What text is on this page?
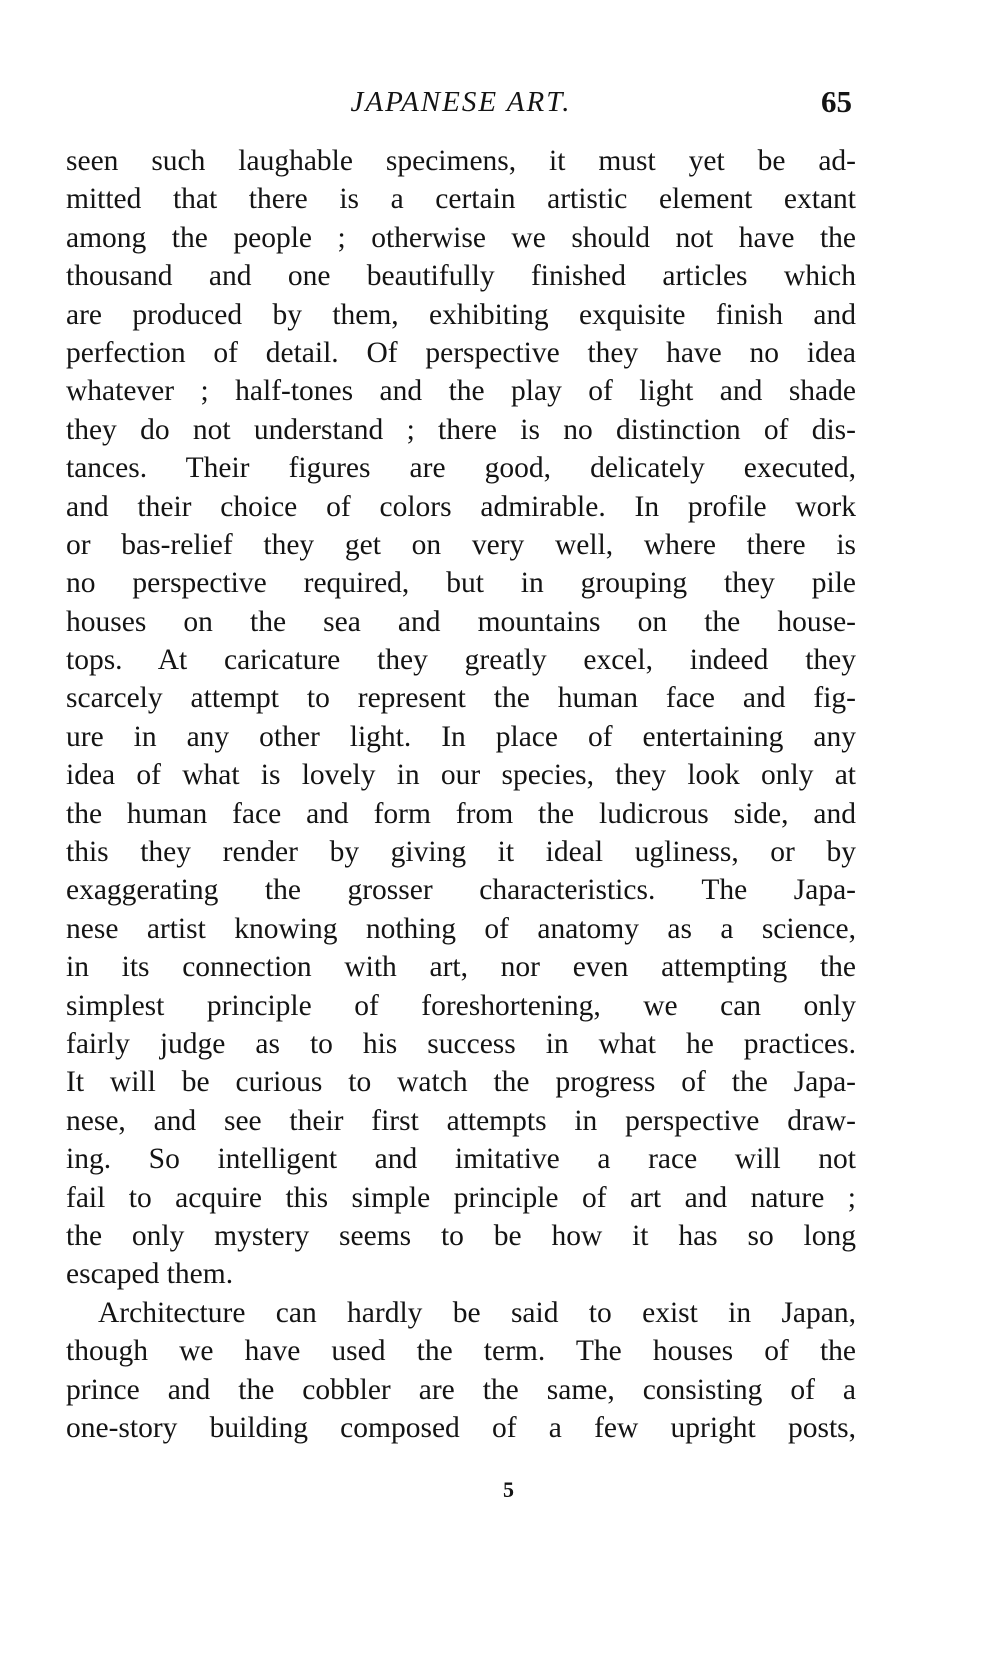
JAPANESE ART.	65
seen such laughable specimens, it must yet be ad-
mitted that there is a certain artistic element extant
among the people ; otherwise we should not have the
thousand and one beautifully finished articles which
are produced by them, exhibiting exquisite finish and
perfection of detail. Of perspective they have no idea
whatever ; half-tones and the play of light and shade
they do not understand ; there is no distinction of dis-
tances. Their figures are good, delicately executed,
and their choice of colors admirable. In profile work
or bas-relief they get on very well, where there is
no perspective required, but in grouping they pile
houses on the sea and mountains on the house-
tops. At caricature they greatly excel, indeed they
scarcely attempt to represent the human face and fig-
ure in any other light. In place of entertaining any
idea of what is lovely in our species, they look only at
the human face and form from the ludicrous side, and
this they render by giving it ideal ugliness, or by
exaggerating the grosser characteristics. The Japa-
nese artist knowing nothing of anatomy as a science,
in its connection with art, nor even attempting the
simplest principle of foreshortening, we can only
fairly judge as to his success in what he practices.
It will be curious to watch the progress of the Japa-
nese, and see their first attempts in perspective draw-
ing. So intelligent and imitative a race will not
fail to acquire this simple principle of art and nature ;
the only mystery seems to be how it has so long
escaped them.
Architecture can hardly be said to exist in Japan,
though we have used the term. The houses of the
prince and the cobbler are the same, consisting of a
one-story building composed of a few upright posts,
5
